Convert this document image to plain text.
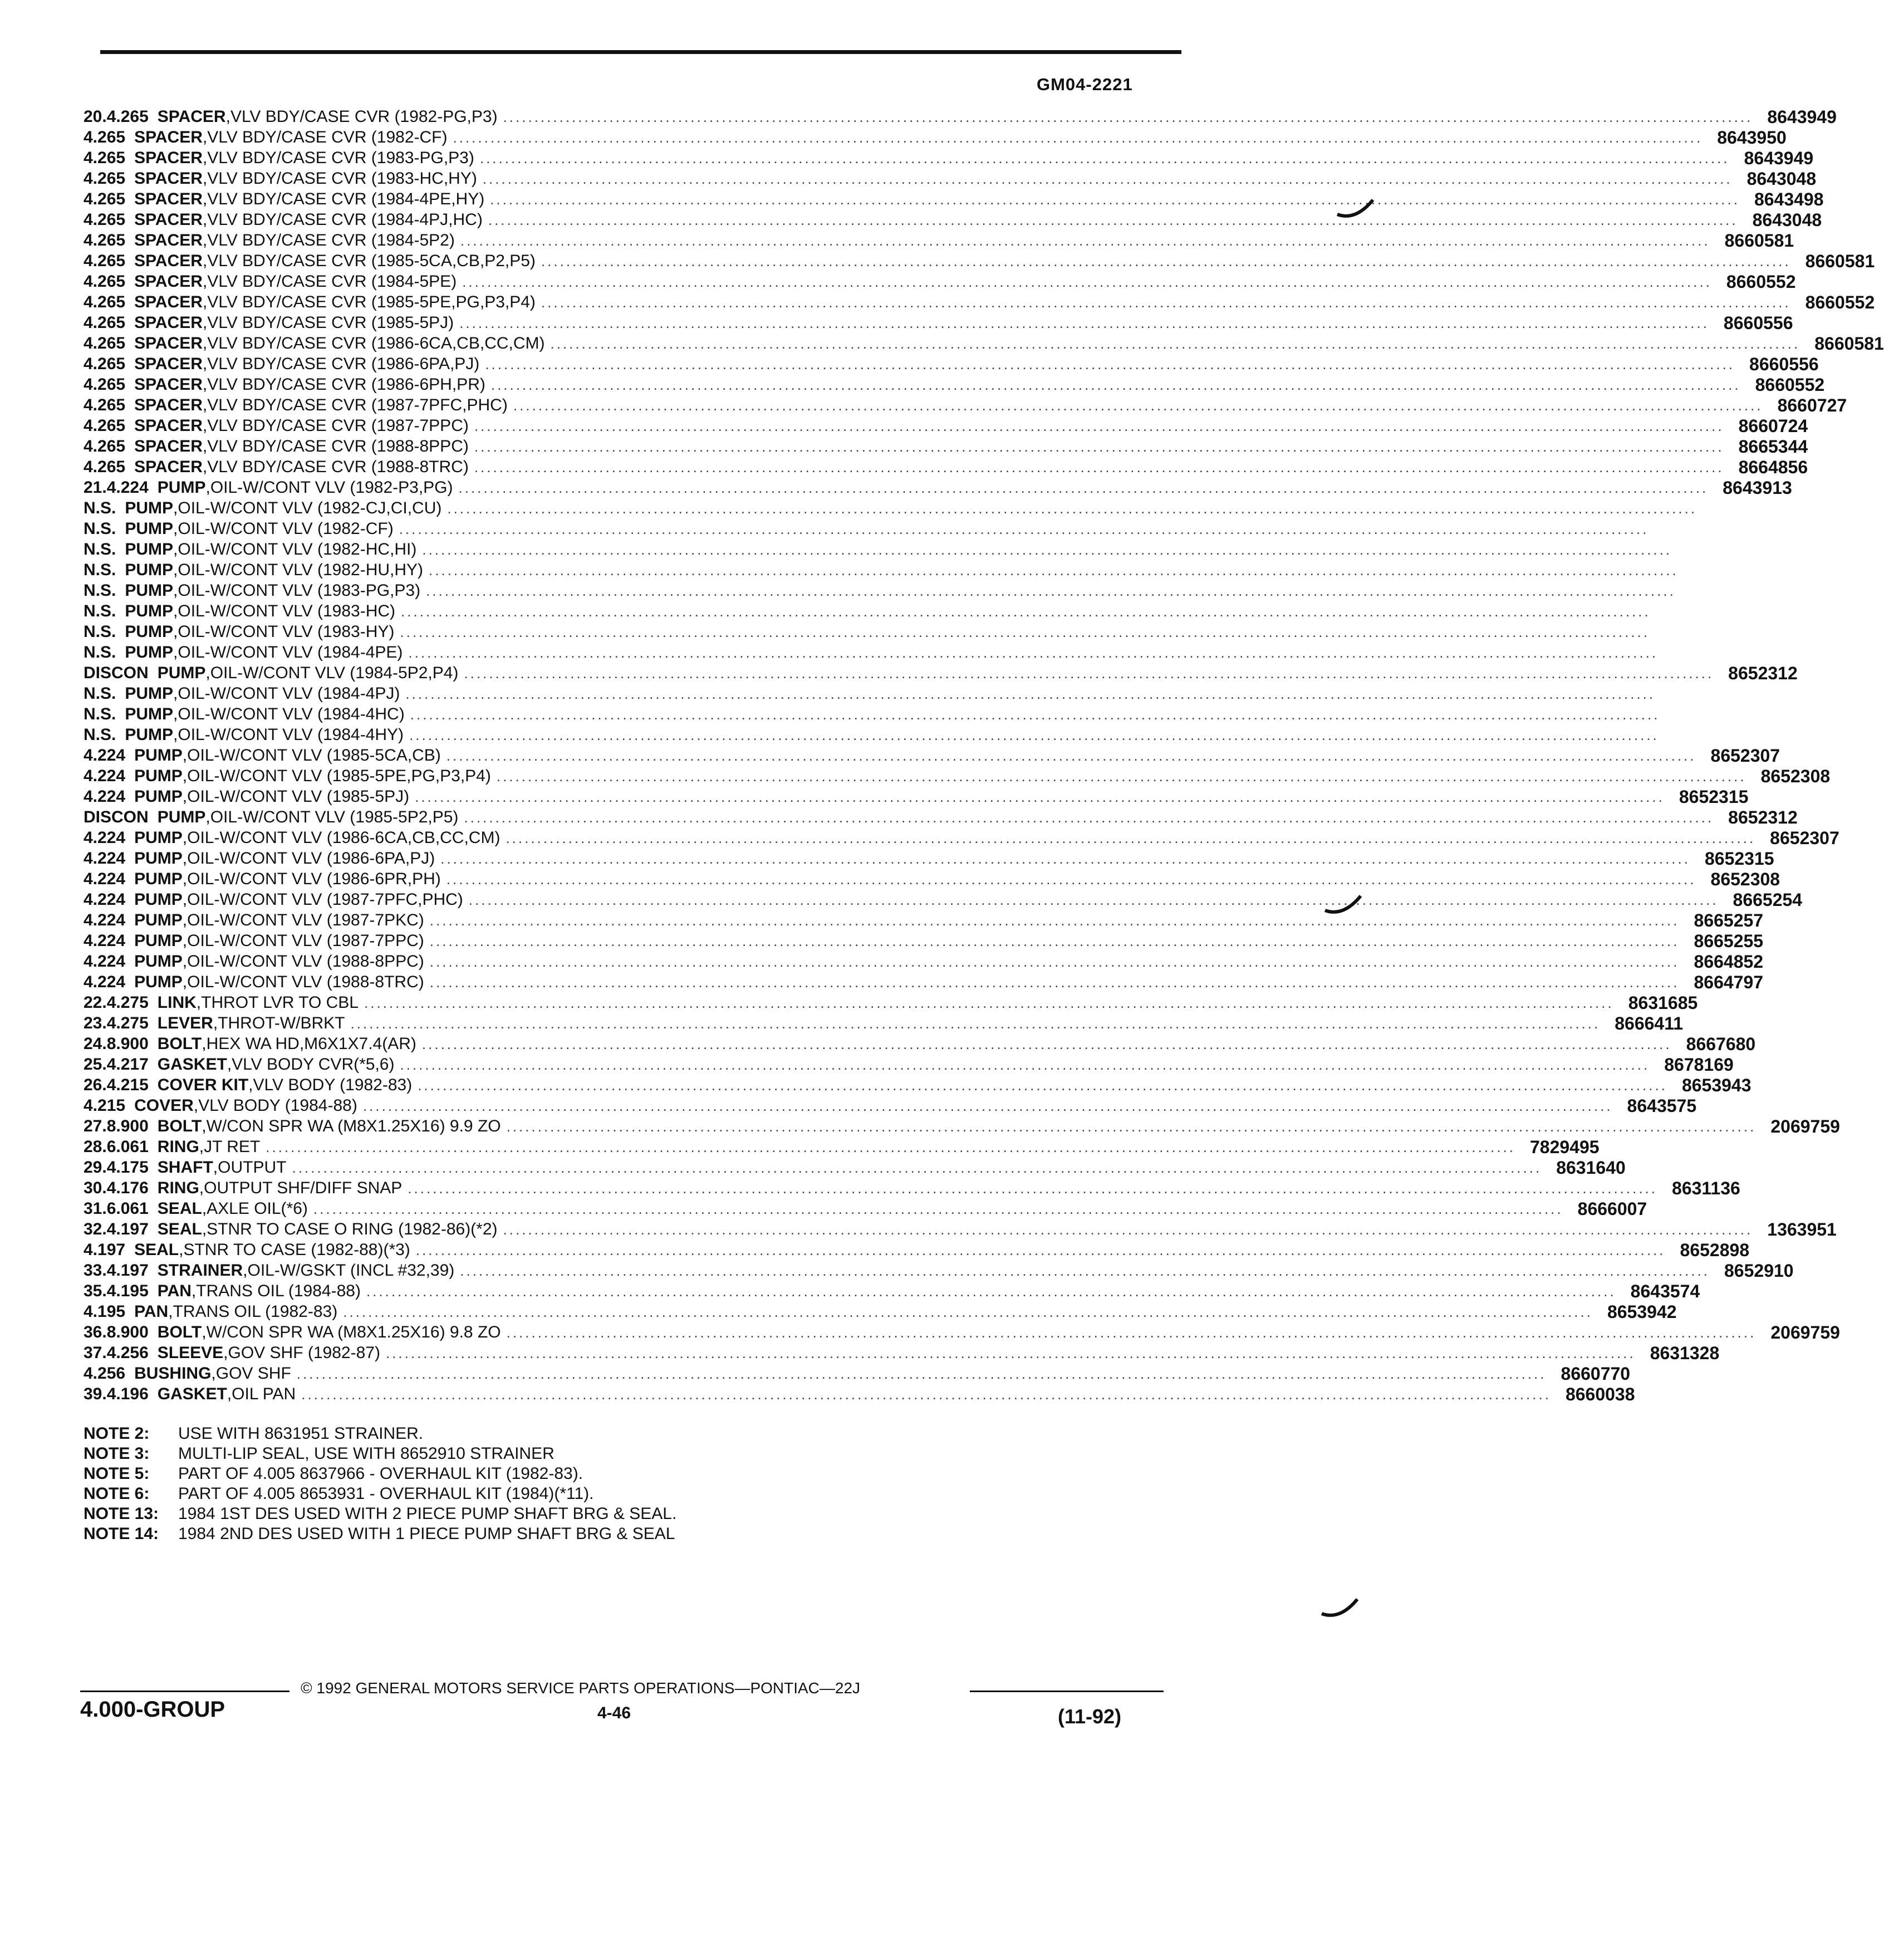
GM04-2221
20. 4.265 SPACER , VLV BDY/CASE CVR (1982-PG,P3) ........................................................................................................................................................................................................ 8643949
4.265 SPACER , VLV BDY/CASE CVR (1982-CF) ........................................................................................................................................................................................................ 8643950
4.265 SPACER , VLV BDY/CASE CVR (1983-PG,P3) ........................................................................................................................................................................................................ 8643949
4.265 SPACER , VLV BDY/CASE CVR (1983-HC,HY) ........................................................................................................................................................................................................ 8643048
4.265 SPACER , VLV BDY/CASE CVR (1984-4PE,HY) ........................................................................................................................................................................................................ 8643498
4.265 SPACER , VLV BDY/CASE CVR (1984-4PJ,HC) ........................................................................................................................................................................................................ 8643048
4.265 SPACER , VLV BDY/CASE CVR (1984-5P2) ........................................................................................................................................................................................................ 8660581
4.265 SPACER , VLV BDY/CASE CVR (1985-5CA,CB,P2,P5) ........................................................................................................................................................................................................ 8660581
4.265 SPACER , VLV BDY/CASE CVR (1984-5PE) ........................................................................................................................................................................................................ 8660552
4.265 SPACER , VLV BDY/CASE CVR (1985-5PE,PG,P3,P4) ........................................................................................................................................................................................................ 8660552
4.265 SPACER , VLV BDY/CASE CVR (1985-5PJ) ........................................................................................................................................................................................................ 8660556
4.265 SPACER , VLV BDY/CASE CVR (1986-6CA,CB,CC,CM) ........................................................................................................................................................................................................ 8660581
4.265 SPACER , VLV BDY/CASE CVR (1986-6PA,PJ) ........................................................................................................................................................................................................ 8660556
4.265 SPACER , VLV BDY/CASE CVR (1986-6PH,PR) ........................................................................................................................................................................................................ 8660552
4.265 SPACER , VLV BDY/CASE CVR (1987-7PFC,PHC) ........................................................................................................................................................................................................ 8660727
4.265 SPACER , VLV BDY/CASE CVR (1987-7PPC) ........................................................................................................................................................................................................ 8660724
4.265 SPACER , VLV BDY/CASE CVR (1988-8PPC) ........................................................................................................................................................................................................ 8665344
4.265 SPACER , VLV BDY/CASE CVR (1988-8TRC) ........................................................................................................................................................................................................ 8664856
21. 4.224 PUMP , OIL-W/CONT VLV (1982-P3,PG) ........................................................................................................................................................................................................ 8643913
N.S. PUMP , OIL-W/CONT VLV (1982-CJ,CI,CU) ........................................................................................................................................................................................................
N.S. PUMP , OIL-W/CONT VLV (1982-CF) ........................................................................................................................................................................................................
N.S. PUMP , OIL-W/CONT VLV (1982-HC,HI) ........................................................................................................................................................................................................
N.S. PUMP , OIL-W/CONT VLV (1982-HU,HY) ........................................................................................................................................................................................................
N.S. PUMP , OIL-W/CONT VLV (1983-PG,P3) ........................................................................................................................................................................................................
N.S. PUMP , OIL-W/CONT VLV (1983-HC) ........................................................................................................................................................................................................
N.S. PUMP , OIL-W/CONT VLV (1983-HY) ........................................................................................................................................................................................................
N.S. PUMP , OIL-W/CONT VLV (1984-4PE) ........................................................................................................................................................................................................
DISCON PUMP , OIL-W/CONT VLV (1984-5P2,P4) ........................................................................................................................................................................................................ 8652312
N.S. PUMP , OIL-W/CONT VLV (1984-4PJ) ........................................................................................................................................................................................................
N.S. PUMP , OIL-W/CONT VLV (1984-4HC) ........................................................................................................................................................................................................
N.S. PUMP , OIL-W/CONT VLV (1984-4HY) ........................................................................................................................................................................................................
4.224 PUMP , OIL-W/CONT VLV (1985-5CA,CB) ........................................................................................................................................................................................................ 8652307
4.224 PUMP , OIL-W/CONT VLV (1985-5PE,PG,P3,P4) ........................................................................................................................................................................................................ 8652308
4.224 PUMP , OIL-W/CONT VLV (1985-5PJ) ........................................................................................................................................................................................................ 8652315
DISCON PUMP , OIL-W/CONT VLV (1985-5P2,P5) ........................................................................................................................................................................................................ 8652312
4.224 PUMP , OIL-W/CONT VLV (1986-6CA,CB,CC,CM) ........................................................................................................................................................................................................ 8652307
4.224 PUMP , OIL-W/CONT VLV (1986-6PA,PJ) ........................................................................................................................................................................................................ 8652315
4.224 PUMP , OIL-W/CONT VLV (1986-6PR,PH) ........................................................................................................................................................................................................ 8652308
4.224 PUMP , OIL-W/CONT VLV (1987-7PFC,PHC) ........................................................................................................................................................................................................ 8665254
4.224 PUMP , OIL-W/CONT VLV (1987-7PKC) ........................................................................................................................................................................................................ 8665257
4.224 PUMP , OIL-W/CONT VLV (1987-7PPC) ........................................................................................................................................................................................................ 8665255
4.224 PUMP , OIL-W/CONT VLV (1988-8PPC) ........................................................................................................................................................................................................ 8664852
4.224 PUMP , OIL-W/CONT VLV (1988-8TRC) ........................................................................................................................................................................................................ 8664797
22. 4.275 LINK , THROT LVR TO CBL ........................................................................................................................................................................................................ 8631685
23. 4.275 LEVER , THROT-W/BRKT ........................................................................................................................................................................................................ 8666411
24. 8.900 BOLT , HEX WA HD,M6X1X7.4(AR) ........................................................................................................................................................................................................ 8667680
25. 4.217 GASKET , VLV BODY CVR(*5,6) ........................................................................................................................................................................................................ 8678169
26. 4.215 COVER KIT , VLV BODY (1982-83) ........................................................................................................................................................................................................ 8653943
4.215 COVER , VLV BODY (1984-88) ........................................................................................................................................................................................................ 8643575
27. 8.900 BOLT , W/CON SPR WA (M8X1.25X16) 9.9 ZO ........................................................................................................................................................................................................ 2069759
28. 6.061 RING , JT RET ........................................................................................................................................................................................................ 7829495
29. 4.175 SHAFT , OUTPUT ........................................................................................................................................................................................................ 8631640
30. 4.176 RING , OUTPUT SHF/DIFF SNAP ........................................................................................................................................................................................................ 8631136
31. 6.061 SEAL , AXLE OIL(*6) ........................................................................................................................................................................................................ 8666007
32. 4.197 SEAL , STNR TO CASE O RING (1982-86)(*2) ........................................................................................................................................................................................................ 1363951
4.197 SEAL , STNR TO CASE (1982-88)(*3) ........................................................................................................................................................................................................ 8652898
33. 4.197 STRAINER , OIL-W/GSKT (INCL #32,39) ........................................................................................................................................................................................................ 8652910
35. 4.195 PAN , TRANS OIL (1984-88) ........................................................................................................................................................................................................ 8643574
4.195 PAN , TRANS OIL (1982-83) ........................................................................................................................................................................................................ 8653942
36. 8.900 BOLT , W/CON SPR WA (M8X1.25X16) 9.8 ZO ........................................................................................................................................................................................................ 2069759
37. 4.256 SLEEVE , GOV SHF (1982-87) ........................................................................................................................................................................................................ 8631328
4.256 BUSHING , GOV SHF ........................................................................................................................................................................................................ 8660770
39. 4.196 GASKET , OIL PAN ........................................................................................................................................................................................................ 8660038
NOTE 2:	USE WITH 8631951 STRAINER.
NOTE 3:	MULTI-LIP SEAL, USE WITH 8652910 STRAINER
NOTE 5:	PART OF 4.005 8637966 - OVERHAUL KIT (1982-83).
NOTE 6:	PART OF 4.005 8653931 - OVERHAUL KIT (1984)(*11).
NOTE 13:	1984 1ST DES USED WITH 2 PIECE PUMP SHAFT BRG & SEAL.
NOTE 14:	1984 2ND DES USED WITH 1 PIECE PUMP SHAFT BRG & SEAL
© 1992 GENERAL MOTORS SERVICE PARTS OPERATIONS—PONTIAC—22J
4.000-GROUP	4-46	(11-92)
